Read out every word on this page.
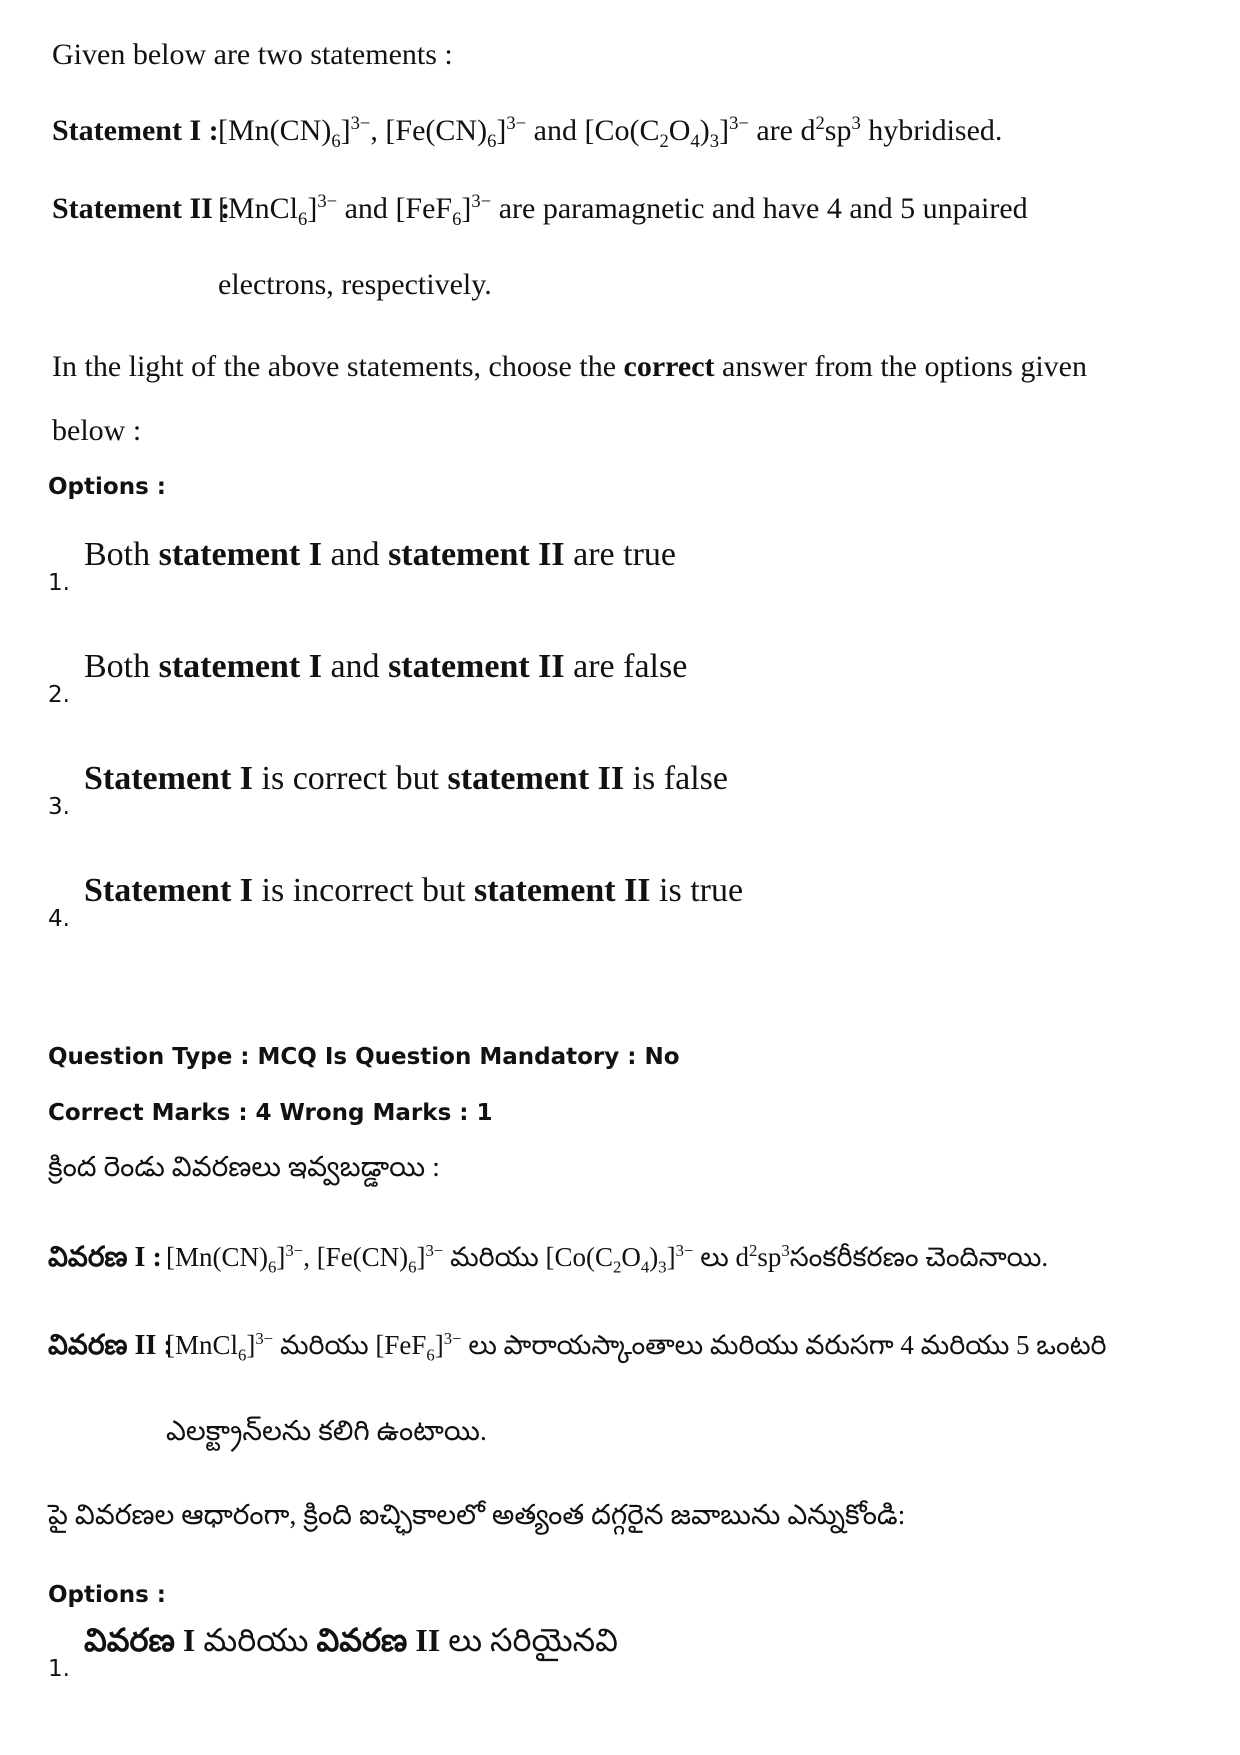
Given below are two statements :
Statement I : $[Mn(CN)_6]^{3-}$, $[Fe(CN)_6]^{3-}$ and $[Co(C_2O_4)_3]^{3-}$ are $d^2sp^3$ hybridised.
Statement II :
[MnCl$_6$]$^{3-}$ and $[FeF_6]^{3-}$ are paramagnetic and have 4 and 5 unpaired
electrons, respectively.
In the light of the above statements, choose the correct answer from the options given
below :
Options :
1.
Both statement I and statement II are true
2.
Both statement I and statement II are false
3.
Statement I is correct but statement II is false
4.
Statement I is incorrect but statement II is true
Question Type : MCQ Is Question Mandatory : No
Correct Marks : 4 Wrong Marks : 1
క్రింద రెండు వివరణలు ఇవ్వబడ్డాయి :
వివరణ I : $[Mn(CN)_6]^{3-}$, $[Fe(CN)_6]^{3-}$ మరియు $[Co(C_2O_4)_3]^{3-}$ లు $d^2sp^3సంకరీకరణం$ చెందినాయి.
వివరణ II :
[MnCl$_6$]$^{3-}$ మరియు $[FeF_6]^{3-}$ లు పారాయస్కాంతాలు మరియు వరుసగా 4 మరియు 5 ఒంటరి
ఎలక్ట్రాన్‌లను కలిగి ఉంటాయి.
పై వివరణల ఆధారంగా, క్రింది ఐచ్ఛికాలలో అత్యంత దగ్గరైన జవాబును ఎన్నుకోండి:
Options :
1.
వివరణ I మరియు వివరణ II లు సరియైనవి
